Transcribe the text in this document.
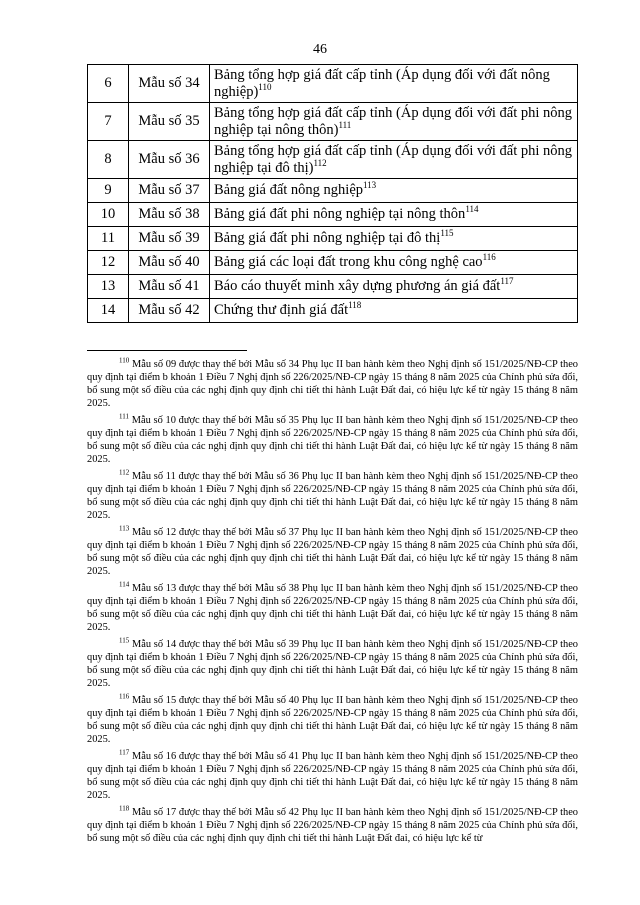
46
6	Mẫu số 34	Bảng tổng hợp giá đất cấp tỉnh (Áp dụng đối với đất nông nghiệp)$^{110}$
7	Mẫu số 35	Bảng tổng hợp giá đất cấp tỉnh (Áp dụng đối với đất phi nông nghiệp tại nông thôn)$^{111}$
8	Mẫu số 36	Bảng tổng hợp giá đất cấp tỉnh (Áp dụng đối với đất phi nông nghiệp tại đô thị)$^{112}$
9	Mẫu số 37	Bảng giá đất nông nghiệp$^{113}$
10	Mẫu số 38	Bảng giá đất phi nông nghiệp tại nông thôn$^{114}$
11	Mẫu số 39	Bảng giá đất phi nông nghiệp tại đô thị$^{115}$
12	Mẫu số 40	Bảng giá các loại đất trong khu công nghệ cao$^{116}$
13	Mẫu số 41	Báo cáo thuyết minh xây dựng phương án giá đất$^{117}$
14	Mẫu số 42	Chứng thư định giá đất$^{118}$

$^{110}$ Mẫu số 09 được thay thế bởi Mẫu số 34 Phụ lục II ban hành kèm theo Nghị định số 151/2025/NĐ-CP theo quy định tại điểm b khoản 1 Điều 7 Nghị định số 226/2025/NĐ-CP ngày 15 tháng 8 năm 2025 của Chính phủ sửa đổi, bổ sung một số điều của các nghị định quy định chi tiết thi hành Luật Đất đai, có hiệu lực kể từ ngày 15 tháng 8 năm 2025.

$^{111}$ Mẫu số 10 được thay thế bởi Mẫu số 35 Phụ lục II ban hành kèm theo Nghị định số 151/2025/NĐ-CP theo quy định tại điểm b khoản 1 Điều 7 Nghị định số 226/2025/NĐ-CP ngày 15 tháng 8 năm 2025 của Chính phủ sửa đổi, bổ sung một số điều của các nghị định quy định chi tiết thi hành Luật Đất đai, có hiệu lực kể từ ngày 15 tháng 8 năm 2025.

$^{112}$ Mẫu số 11 được thay thế bởi Mẫu số 36 Phụ lục II ban hành kèm theo Nghị định số 151/2025/NĐ-CP theo quy định tại điểm b khoản 1 Điều 7 Nghị định số 226/2025/NĐ-CP ngày 15 tháng 8 năm 2025 của Chính phủ sửa đổi, bổ sung một số điều của các nghị định quy định chi tiết thi hành Luật Đất đai, có hiệu lực kể từ ngày 15 tháng 8 năm 2025.

$^{113}$ Mẫu số 12 được thay thế bởi Mẫu số 37 Phụ lục II ban hành kèm theo Nghị định số 151/2025/NĐ-CP theo quy định tại điểm b khoản 1 Điều 7 Nghị định số 226/2025/NĐ-CP ngày 15 tháng 8 năm 2025 của Chính phủ sửa đổi, bổ sung một số điều của các nghị định quy định chi tiết thi hành Luật Đất đai, có hiệu lực kể từ ngày 15 tháng 8 năm 2025.

$^{114}$ Mẫu số 13 được thay thế bởi Mẫu số 38 Phụ lục II ban hành kèm theo Nghị định số 151/2025/NĐ-CP theo quy định tại điểm b khoản 1 Điều 7 Nghị định số 226/2025/NĐ-CP ngày 15 tháng 8 năm 2025 của Chính phủ sửa đổi, bổ sung một số điều của các nghị định quy định chi tiết thi hành Luật Đất đai, có hiệu lực kể từ ngày 15 tháng 8 năm 2025.

$^{115}$ Mẫu số 14 được thay thế bởi Mẫu số 39 Phụ lục II ban hành kèm theo Nghị định số 151/2025/NĐ-CP theo quy định tại điểm b khoản 1 Điều 7 Nghị định số 226/2025/NĐ-CP ngày 15 tháng 8 năm 2025 của Chính phủ sửa đổi, bổ sung một số điều của các nghị định quy định chi tiết thi hành Luật Đất đai, có hiệu lực kể từ ngày 15 tháng 8 năm 2025.

$^{116}$ Mẫu số 15 được thay thế bởi Mẫu số 40 Phụ lục II ban hành kèm theo Nghị định số 151/2025/NĐ-CP theo quy định tại điểm b khoản 1 Điều 7 Nghị định số 226/2025/NĐ-CP ngày 15 tháng 8 năm 2025 của Chính phủ sửa đổi, bổ sung một số điều của các nghị định quy định chi tiết thi hành Luật Đất đai, có hiệu lực kể từ ngày 15 tháng 8 năm 2025.

$^{117}$ Mẫu số 16 được thay thế bởi Mẫu số 41 Phụ lục II ban hành kèm theo Nghị định số 151/2025/NĐ-CP theo quy định tại điểm b khoản 1 Điều 7 Nghị định số 226/2025/NĐ-CP ngày 15 tháng 8 năm 2025 của Chính phủ sửa đổi, bổ sung một số điều của các nghị định quy định chi tiết thi hành Luật Đất đai, có hiệu lực kể từ ngày 15 tháng 8 năm 2025.

$^{118}$ Mẫu số 17 được thay thế bởi Mẫu số 42 Phụ lục II ban hành kèm theo Nghị định số 151/2025/NĐ-CP theo quy định tại điểm b khoản 1 Điều 7 Nghị định số 226/2025/NĐ-CP ngày 15 tháng 8 năm 2025 của Chính phủ sửa đổi, bổ sung một số điều của các nghị định quy định chi tiết thi hành Luật Đất đai, có hiệu lực kể từ
